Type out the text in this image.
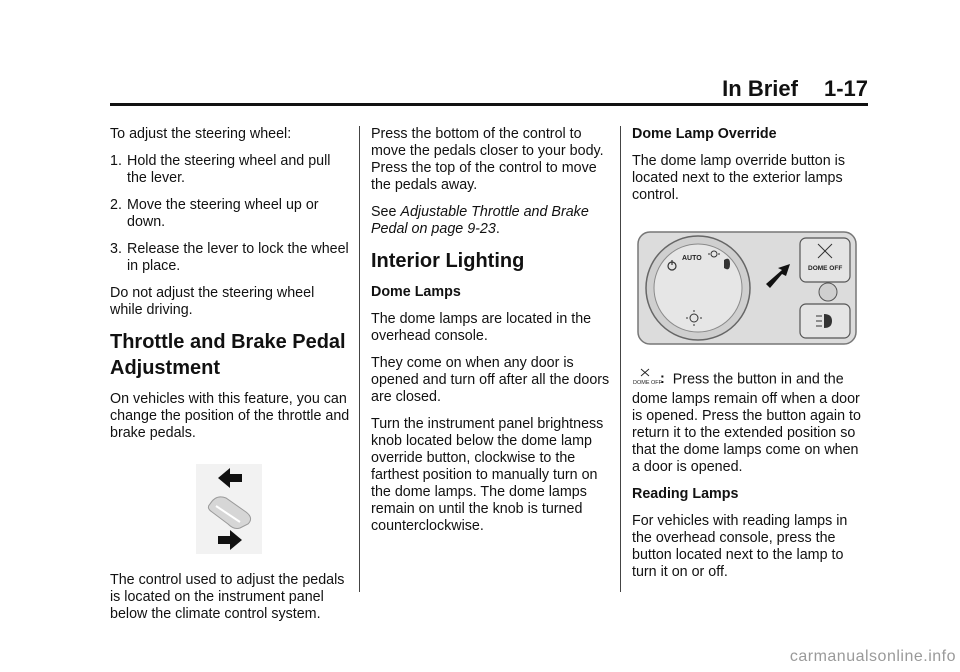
In Brief 1-17

To adjust the steering wheel:

1. Hold the steering wheel and pull the lever.
2. Move the steering wheel up or down.
3. Release the lever to lock the wheel in place.

Do not adjust the steering wheel while driving.

Throttle and Brake Pedal Adjustment

On vehicles with this feature, you can change the position of the throttle and brake pedals.

The control used to adjust the pedals is located on the instrument panel below the climate control system.

Press the bottom of the control to move the pedals closer to your body. Press the top of the control to move the pedals away.

See Adjustable Throttle and Brake Pedal on page 9-23.

Interior Lighting

Dome Lamps

The dome lamps are located in the overhead console.

They come on when any door is opened and turn off after all the doors are closed.

Turn the instrument panel brightness knob located below the dome lamp override button, clockwise to the farthest position to manually turn on the dome lamps. The dome lamps remain on until the knob is turned counterclockwise.

Dome Lamp Override

The dome lamp override button is located next to the exterior lamps control.

AUTO
DOME OFF

DOME OFF
: Press the button in and the dome lamps remain off when a door is opened. Press the button again to return it to the extended position so that the dome lamps come on when a door is opened.

Reading Lamps

For vehicles with reading lamps in the overhead console, press the button located next to the lamp to turn it on or off.

carmanualsonline.info
